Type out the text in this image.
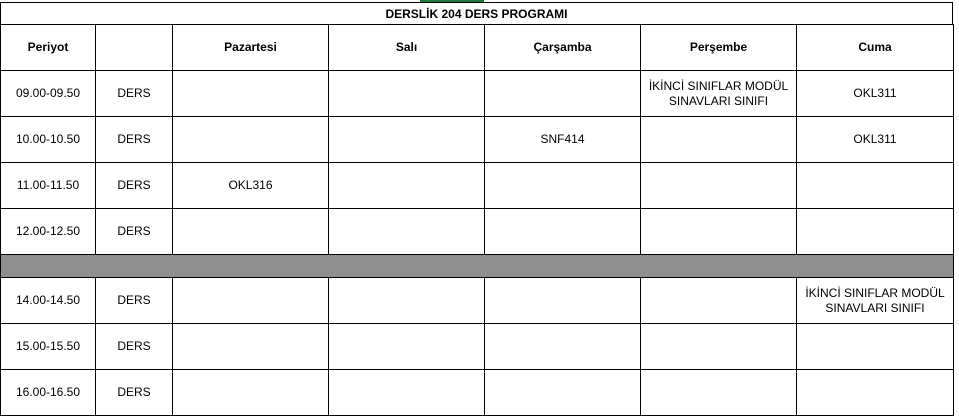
DERSLİK 204 DERS PROGRAMI
Periyot		Pazartesi	Salı	Çarşamba	Perşembe	Cuma
09.00-09.50	DERS				İKİNCİ SINIFLAR MODÜL SINAVLARI SINIFI	OKL311
10.00-10.50	DERS			SNF414		OKL311
11.00-11.50	DERS	OKL316				
12.00-12.50	DERS					

14.00-14.50	DERS					İKİNCİ SINIFLAR MODÜL SINAVLARI SINIFI
15.00-15.50	DERS					
16.00-16.50	DERS					
